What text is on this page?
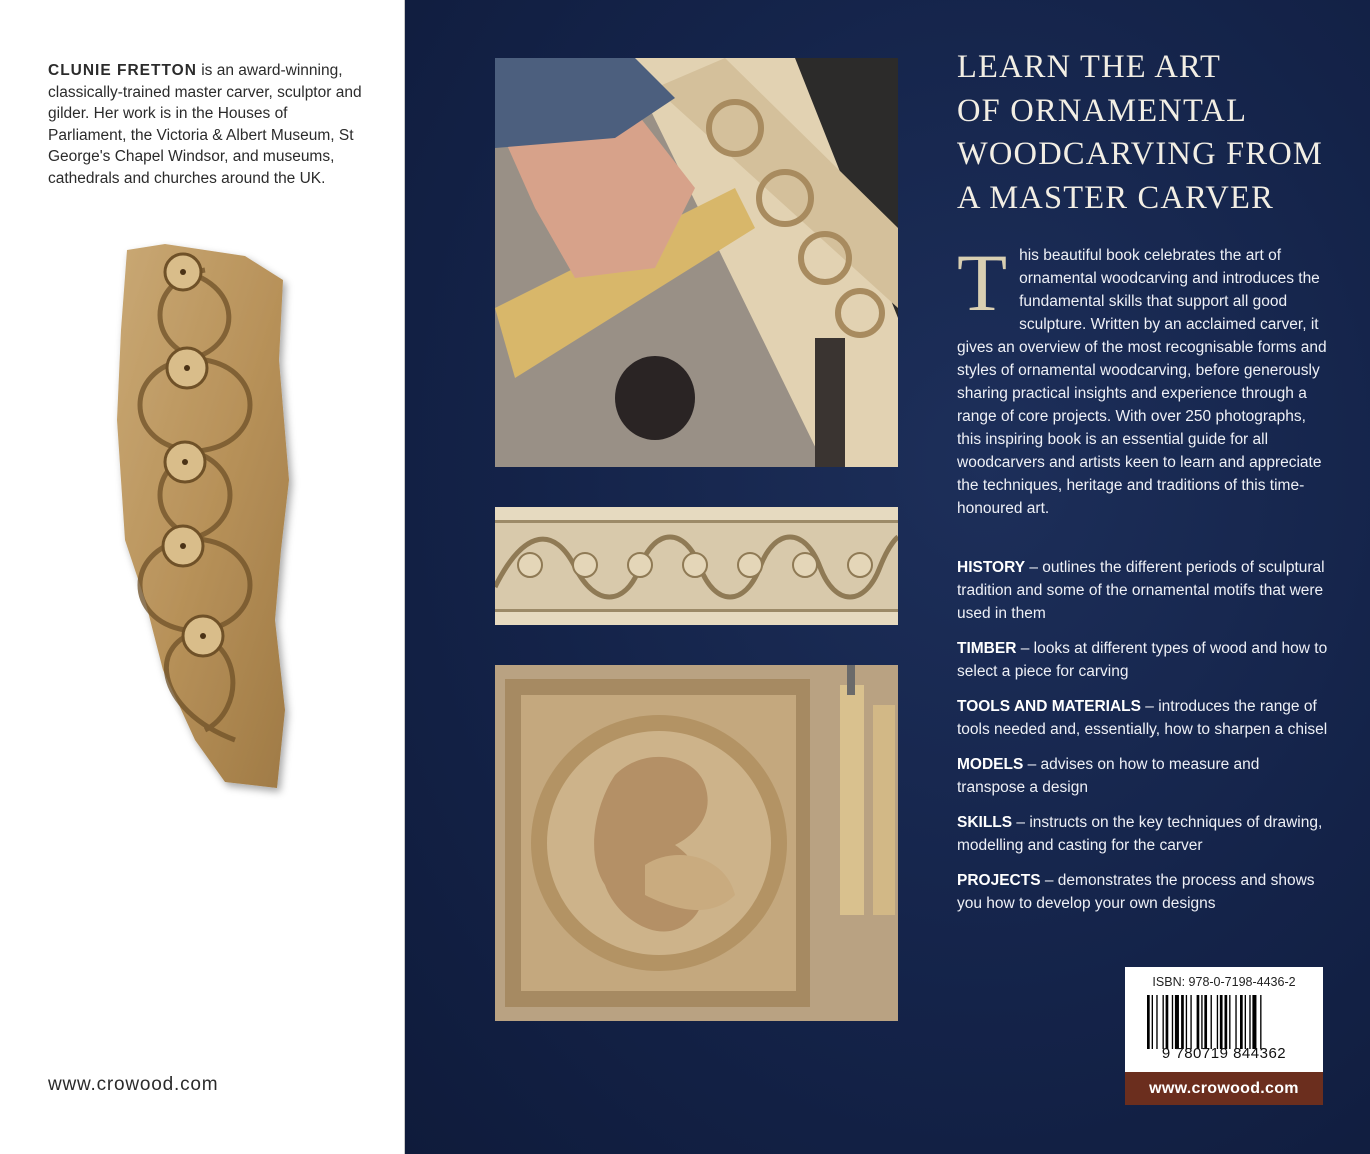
CLUNIE FRETTON is an award-winning, classically-trained master carver, sculptor and gilder. Her work is in the Houses of Parliament, the Victoria & Albert Museum, St George's Chapel Windsor, and museums, cathedrals and churches around the UK.
www.crowood.com
LEARN THE ART
OF ORNAMENTAL
WOODCARVING FROM
A MASTER CARVER
This beautiful book celebrates the art of ornamental woodcarving and introduces the fundamental skills that support all good sculpture. Written by an acclaimed carver, it gives an overview of the most recognisable forms and styles of ornamental woodcarving, before generously sharing practical insights and experience through a range of core projects. With over 250 photographs, this inspiring book is an essential guide for all woodcarvers and artists keen to learn and appreciate the techniques, heritage and traditions of this time-honoured art.
HISTORY – outlines the different periods of sculptural tradition and some of the ornamental motifs that were used in them
TIMBER – looks at different types of wood and how to select a piece for carving
TOOLS AND MATERIALS – introduces the range of tools needed and, essentially, how to sharpen a chisel
MODELS – advises on how to measure and transpose a design
SKILLS – instructs on the key techniques of drawing, modelling and casting for the carver
PROJECTS – demonstrates the process and shows you how to develop your own designs
ISBN: 978-0-7198-4436-2
9 780719 844362
www.crowood.com
